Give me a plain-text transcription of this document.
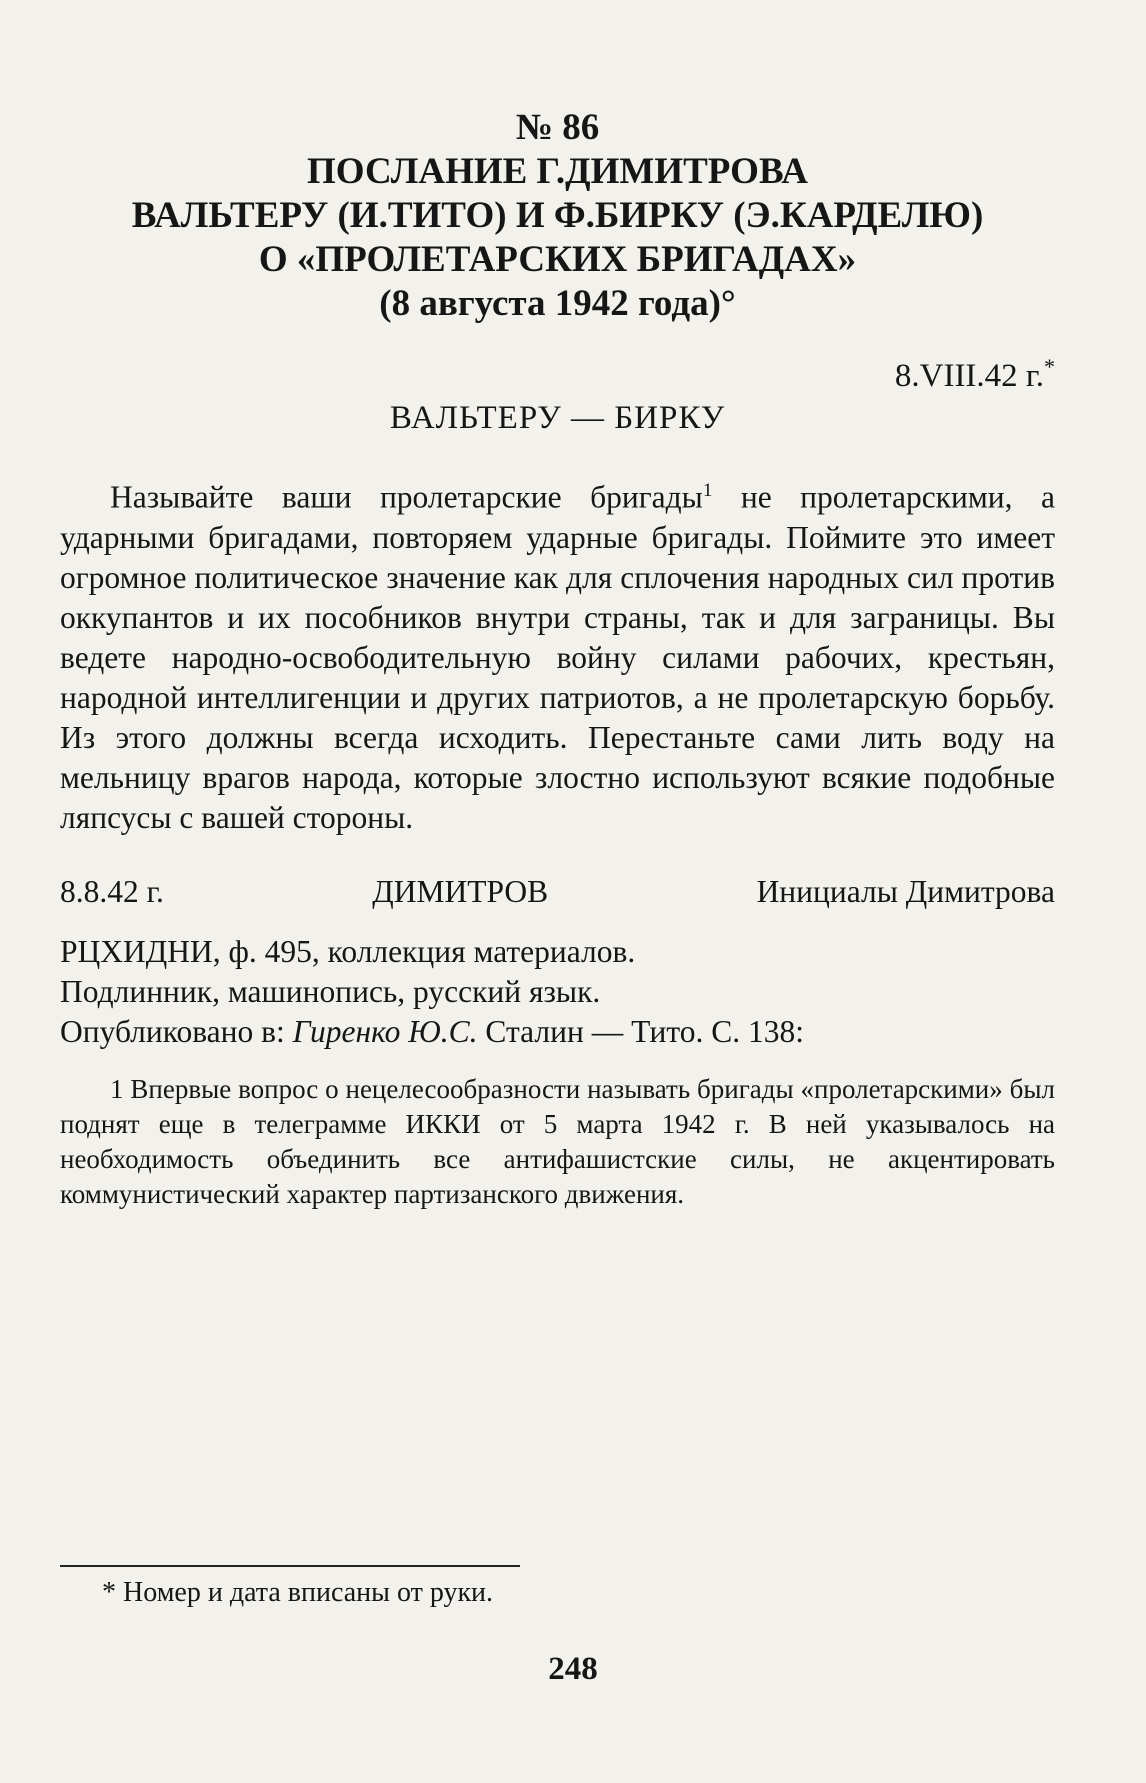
№ 86
ПОСЛАНИЕ Г.ДИМИТРОВА
ВАЛЬТЕРУ (И.ТИТО) И Ф.БИРКУ (Э.КАРДЕЛЮ)
О «ПРОЛЕТАРСКИХ БРИГАДАХ»
(8 августа 1942 года)°
8.VIII.42 г.*
ВАЛЬТЕРУ — БИРКУ

Называйте ваши пролетарские бригады$^1$ не пролетарскими, а ударными бригадами, повторяем ударные бригады. Поймите это имеет огромное политическое значение как для сплочения народных сил против оккупантов и их пособников внутри страны, так и для заграницы. Вы ведете народно-освободительную войну силами рабочих, крестьян, народной интеллигенции и других патриотов, а не пролетарскую борьбу. Из этого должны всегда исходить. Перестаньте сами лить воду на мельницу врагов народа, которые злостно используют всякие подобные ляпсусы с вашей стороны.

8.8.42 г.	ДИМИТРОВ	Инициалы Димитрова
РЦХИДНИ, ф. 495, коллекция материалов.
Подлинник, машинопись, русский язык.
Опубликовано в: Гиренко Ю.С. Сталин — Тито. С. 138:
1 Впервые вопрос о нецелесообразности называть бригады «пролетарскими» был поднят еще в телеграмме ИККИ от 5 марта 1942 г. В ней указывалось на необходимость объединить все антифашистские силы, не акцентировать коммунистический характер партизанского движения.
* Номер и дата вписаны от руки.
248
